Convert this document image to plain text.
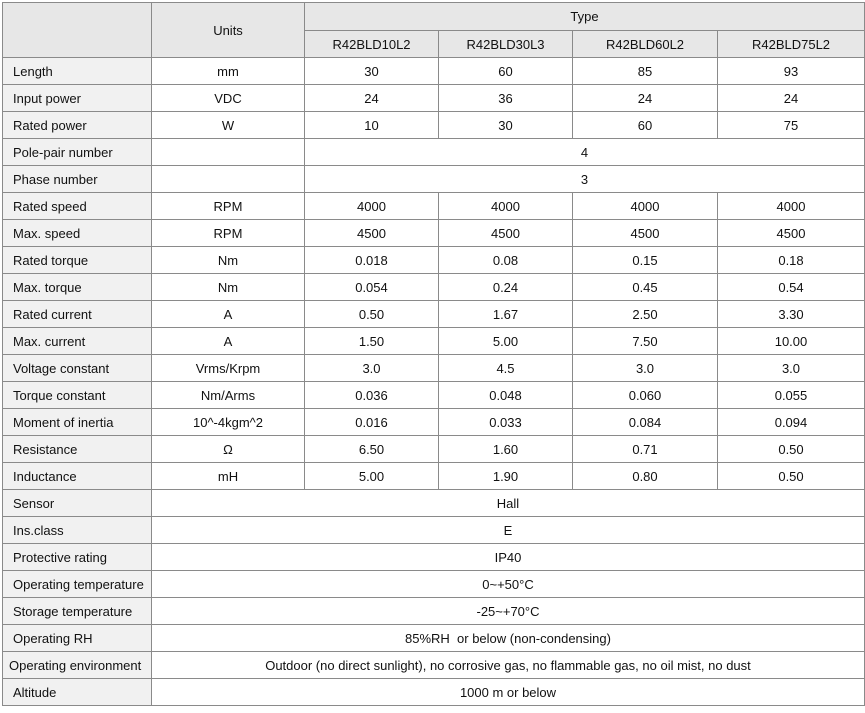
	Units	Type			
		R42BLD10L2	R42BLD30L3	R42BLD60L2	R42BLD75L2
Length	mm	30	60	85	93
Input power	VDC	24	36	24	24
Rated power	W	10	30	60	75
Pole-pair number		4			
Phase number		3			
Rated speed	RPM	4000	4000	4000	4000
Max. speed	RPM	4500	4500	4500	4500
Rated torque	Nm	0.018	0.08	0.15	0.18
Max. torque	Nm	0.054	0.24	0.45	0.54
Rated current	A	0.50	1.67	2.50	3.30
Max. current	A	1.50	5.00	7.50	10.00
Voltage constant	Vrms/Krpm	3.0	4.5	3.0	3.0
Torque constant	Nm/Arms	0.036	0.048	0.060	0.055
Moment of inertia	10^-4kgm^2	0.016	0.033	0.084	0.094
Resistance	Ω	6.50	1.60	0.71	0.50
Inductance	mH	5.00	1.90	0.80	0.50
Sensor	Hall				
Ins.class	E				
Protective rating	IP40				
Operating temperature	0~+50°C				
Storage temperature	-25~+70°C				
Operating RH	85%RH  or below (non-condensing)				
Operating environment	Outdoor (no direct sunlight), no corrosive gas, no flammable gas, no oil mist, no dust				
Altitude	1000 m or below				
